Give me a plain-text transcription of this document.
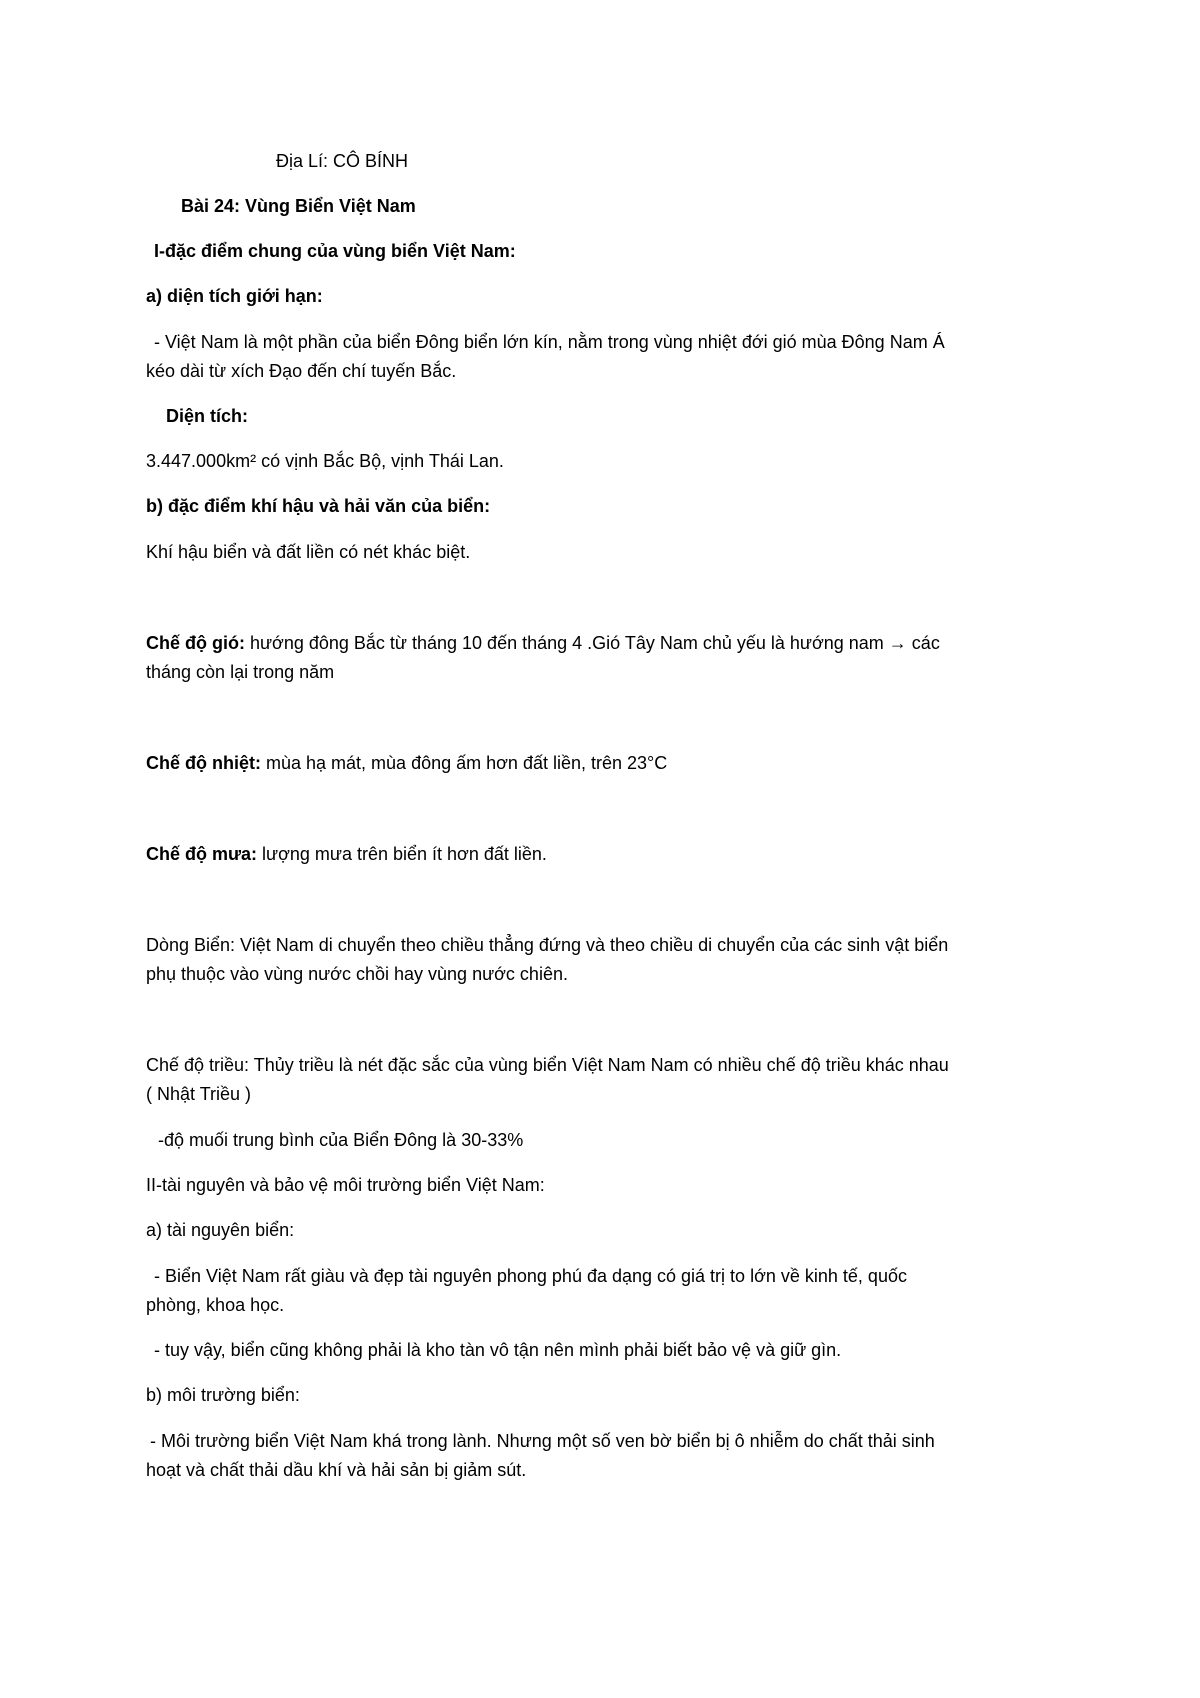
Địa Lí: CÔ BÍNH
Bài 24: Vùng Biển Việt Nam
I-đặc điểm chung của vùng biển Việt Nam:
a) diện tích giới hạn:
- Việt Nam là một phần của biển Đông biển lớn kín, nằm trong vùng nhiệt đới gió mùa Đông Nam Á
kéo dài từ xích Đạo đến chí tuyến Bắc.
Diện tích:
3.447.000km² có vịnh Bắc Bộ, vịnh Thái Lan.
b) đặc điểm khí hậu và hải văn của biển:
Khí hậu biển và đất liền có nét khác biệt.
Chế độ gió: hướng đông Bắc từ tháng 10 đến tháng 4 .Gió Tây Nam chủ yếu là hướng nam → các
tháng còn lại trong năm
Chế độ nhiệt: mùa hạ mát, mùa đông ấm hơn đất liền, trên 23°C
Chế độ mưa: lượng mưa trên biển ít hơn đất liền.
Dòng Biển: Việt Nam di chuyển theo chiều thẳng đứng và theo chiều di chuyển của các sinh vật biển
phụ thuộc vào vùng nước chồi hay vùng nước chiên.
Chế độ triều: Thủy triều là nét đặc sắc của vùng biển Việt Nam Nam có nhiều chế độ triều khác nhau
( Nhật Triều )
-độ muối trung bình của Biển Đông là 30-33%
II-tài nguyên và bảo vệ môi trường biển Việt Nam:
a) tài nguyên biển:
- Biển Việt Nam rất giàu và đẹp tài nguyên phong phú đa dạng có giá trị to lớn về kinh tế, quốc
phòng, khoa học.
- tuy vậy, biển cũng không phải là kho tàn vô tận nên mình phải biết bảo vệ và giữ gìn.
b) môi trường biển:
- Môi trường biển Việt Nam khá trong lành. Nhưng một số ven bờ biển bị ô nhiễm do chất thải sinh
hoạt và chất thải dầu khí và hải sản bị giảm sút.
